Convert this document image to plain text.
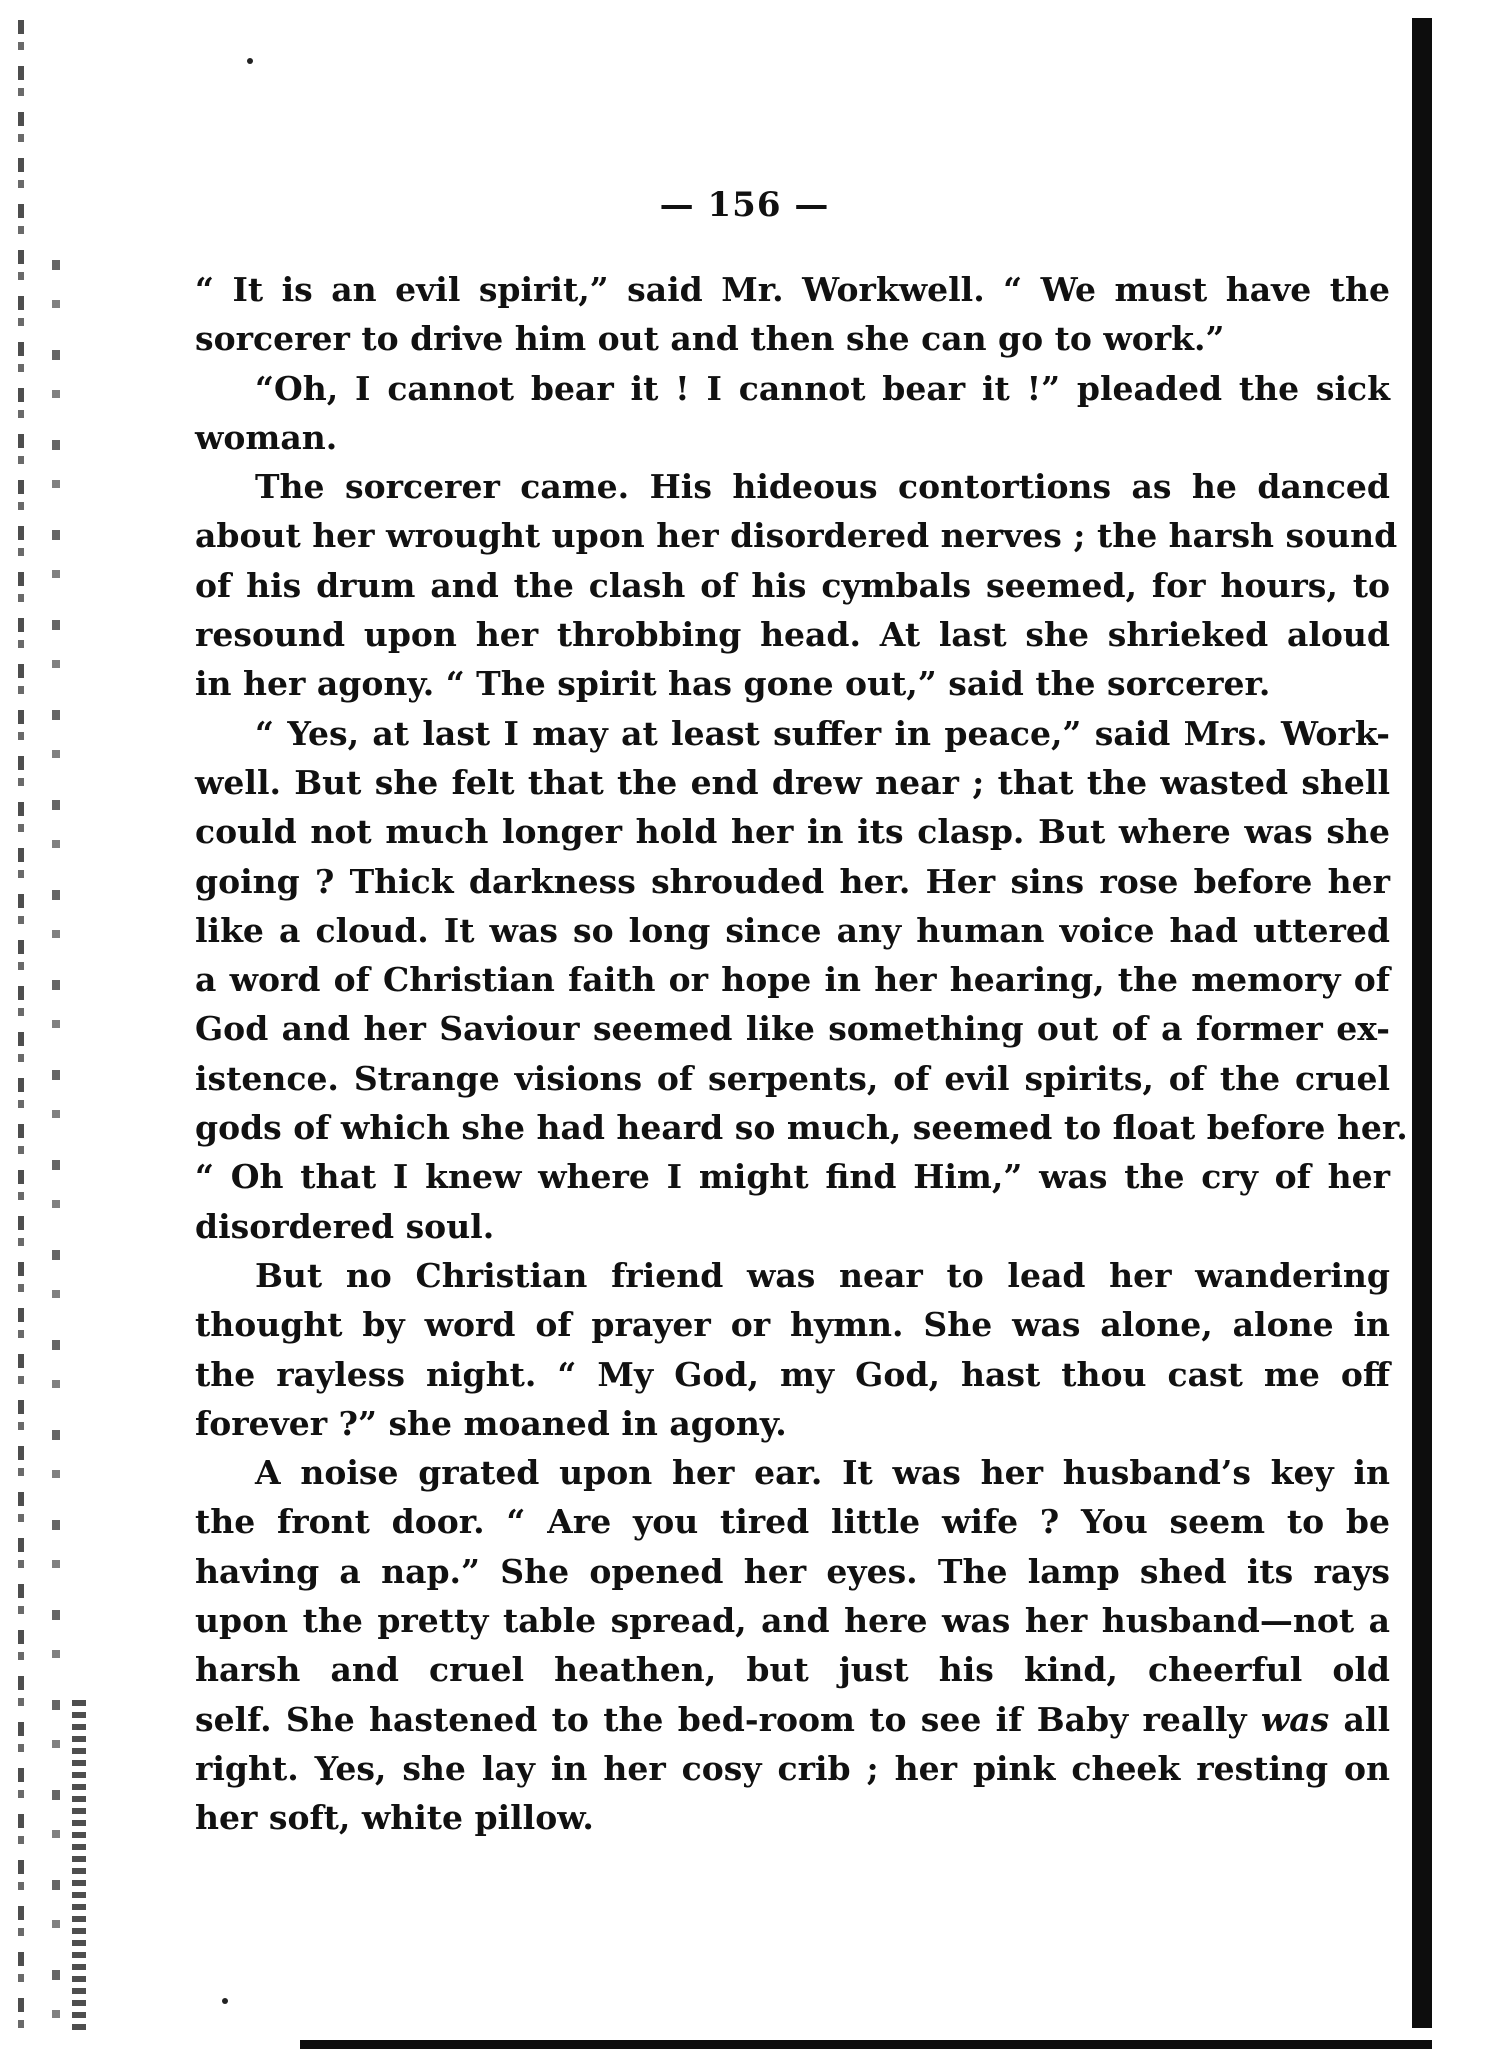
— 156 —
“ It is an evil spirit,” said Mr. Workwell. “ We must have the
sorcerer to drive him out and then she can go to work.”
“Oh, I cannot bear it ! I cannot bear it !” pleaded the sick
woman.
The sorcerer came. His hideous contortions as he danced
about her wrought upon her disordered nerves ; the harsh sound
of his drum and the clash of his cymbals seemed, for hours, to
resound upon her throbbing head. At last she shrieked aloud
in her agony. “ The spirit has gone out,” said the sorcerer.
“ Yes, at last I may at least suffer in peace,” said Mrs. Work-
well. But she felt that the end drew near ; that the wasted shell
could not much longer hold her in its clasp. But where was she
going ? Thick darkness shrouded her. Her sins rose before her
like a cloud. It was so long since any human voice had uttered
a word of Christian faith or hope in her hearing, the memory of
God and her Saviour seemed like something out of a former ex-
istence. Strange visions of serpents, of evil spirits, of the cruel
gods of which she had heard so much, seemed to float before her.
“ Oh that I knew where I might find Him,” was the cry of her
disordered soul.
But no Christian friend was near to lead her wandering
thought by word of prayer or hymn. She was alone, alone in
the rayless night. “ My God, my God, hast thou cast me off
forever ?” she moaned in agony.
A noise grated upon her ear. It was her husband’s key in
the front door. “ Are you tired little wife ? You seem to be
having a nap.” She opened her eyes. The lamp shed its rays
upon the pretty table spread, and here was her husband—not a
harsh and cruel heathen, but just his kind, cheerful old
self. She hastened to the bed-room to see if Baby really was all
right. Yes, she lay in her cosy crib ; her pink cheek resting on
her soft, white pillow.
